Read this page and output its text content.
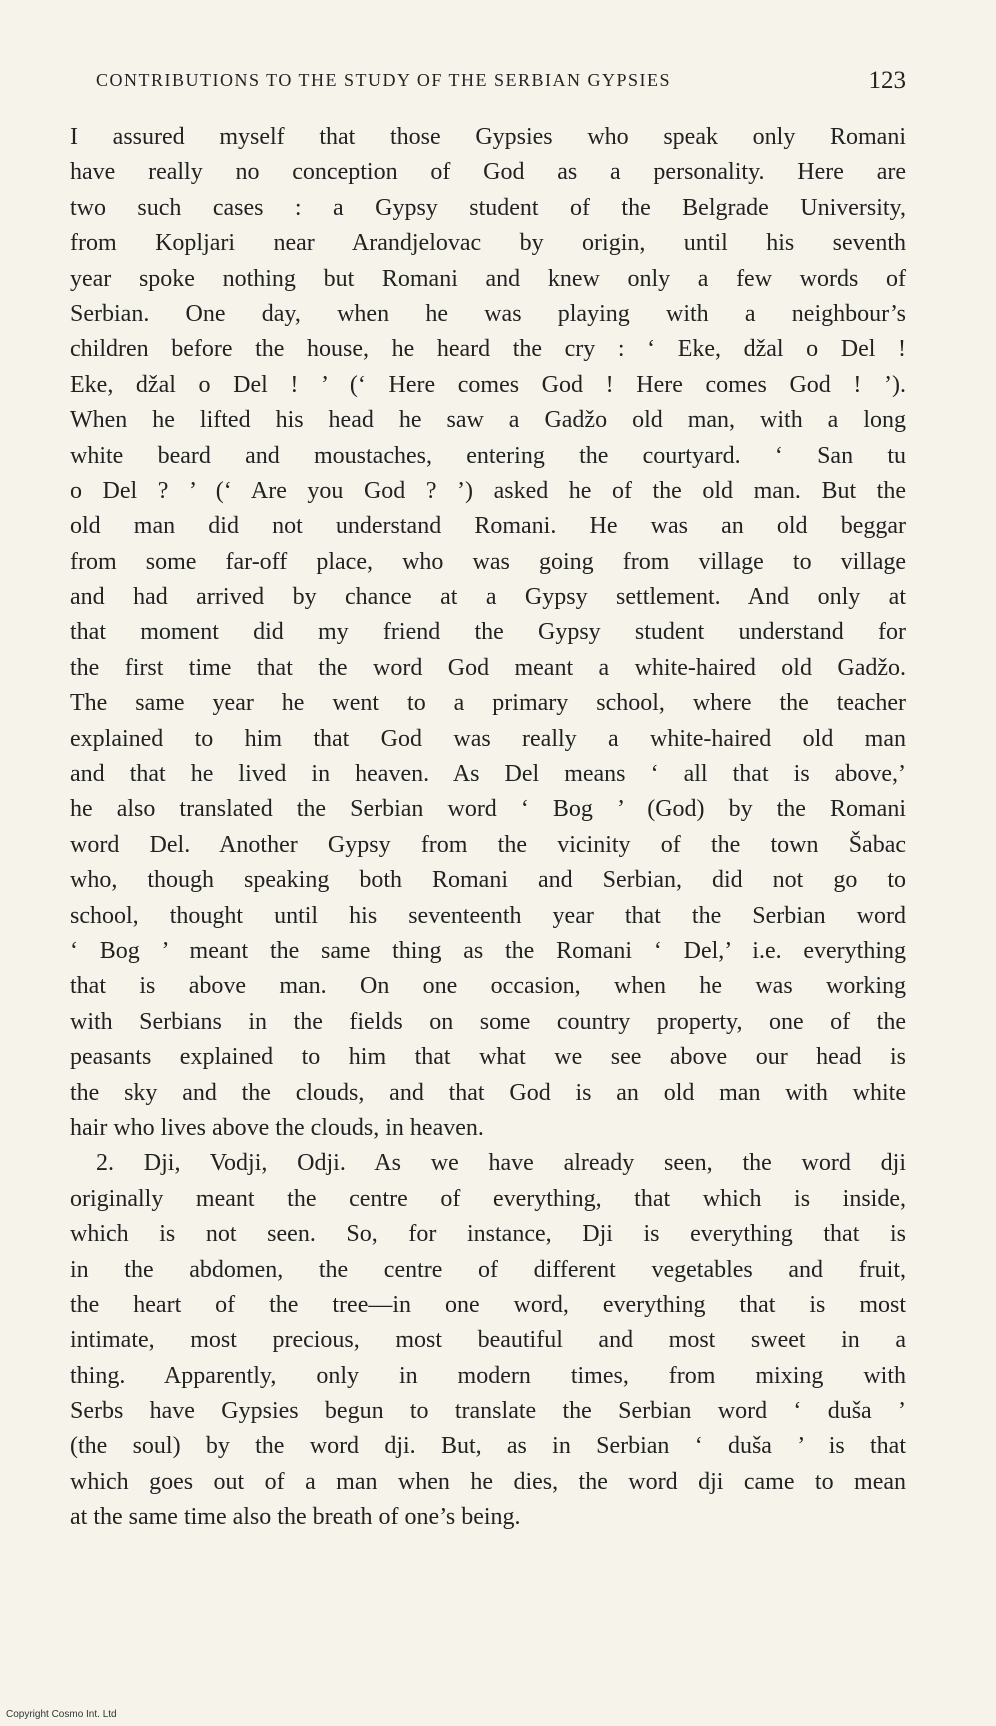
CONTRIBUTIONS TO THE STUDY OF THE SERBIAN GYPSIES	123
I assured myself that those Gypsies who speak only Romani
have really no conception of God as a personality. Here are
two such cases : a Gypsy student of the Belgrade University,
from Kopljari near Arandjelovac by origin, until his seventh
year spoke nothing but Romani and knew only a few words of
Serbian. One day, when he was playing with a neighbour’s
children before the house, he heard the cry : ‘ Eke, džal o Del !
Eke, džal o Del ! ’ (‘ Here comes God ! Here comes God ! ’).
When he lifted his head he saw a Gadžo old man, with a long
white beard and moustaches, entering the courtyard. ‘ San tu
o Del ? ’ (‘ Are you God ? ’) asked he of the old man. But the
old man did not understand Romani. He was an old beggar
from some far-off place, who was going from village to village
and had arrived by chance at a Gypsy settlement. And only at
that moment did my friend the Gypsy student understand for
the first time that the word God meant a white-haired old Gadžo.
The same year he went to a primary school, where the teacher
explained to him that God was really a white-haired old man
and that he lived in heaven. As Del means ‘ all that is above,’
he also translated the Serbian word ‘ Bog ’ (God) by the Romani
word Del. Another Gypsy from the vicinity of the town Šabac
who, though speaking both Romani and Serbian, did not go to
school, thought until his seventeenth year that the Serbian word
‘ Bog ’ meant the same thing as the Romani ‘ Del,’ i.e. everything
that is above man. On one occasion, when he was working
with Serbians in the fields on some country property, one of the
peasants explained to him that what we see above our head is
the sky and the clouds, and that God is an old man with white
hair who lives above the clouds, in heaven.
2. Dji, Vodji, Odji. As we have already seen, the word dji
originally meant the centre of everything, that which is inside,
which is not seen. So, for instance, Dji is everything that is
in the abdomen, the centre of different vegetables and fruit,
the heart of the tree—in one word, everything that is most
intimate, most precious, most beautiful and most sweet in a
thing. Apparently, only in modern times, from mixing with
Serbs have Gypsies begun to translate the Serbian word ‘ duša ’
(the soul) by the word dji. But, as in Serbian ‘ duša ’ is that
which goes out of a man when he dies, the word dji came to mean
at the same time also the breath of one’s being.
Copyright Cosmo Int. Ltd
